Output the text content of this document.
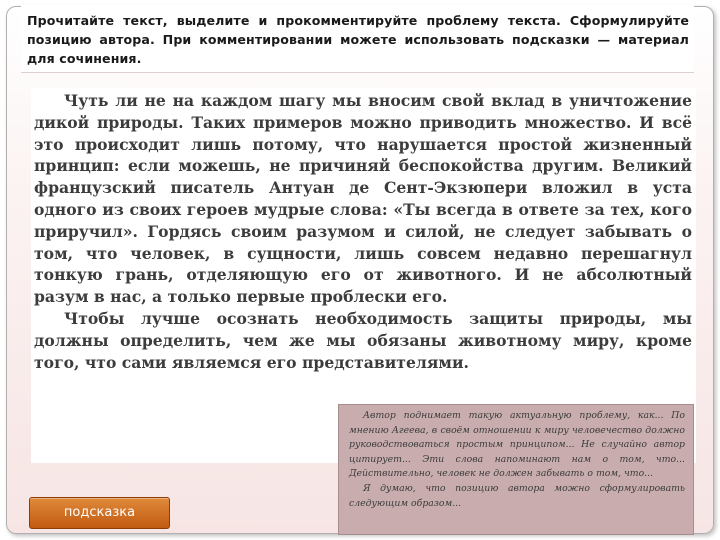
Прочитайте текст, выделите и прокомментируйте проблему текста. Сформулируйте позицию автора. При комментировании можете использовать подсказки — материал для сочинения.

Чуть ли не на каждом шагу мы вносим свой вклад в уничтожение дикой природы. Таких примеров можно приводить множество. И всё это происходит лишь потому, что нарушается простой жизненный принцип: если можешь, не причиняй беспокойства другим. Великий французский писатель Антуан де Сент-Экзюпери вложил в уста одного из своих героев мудрые слова: «Ты всегда в ответе за тех, кого приручил». Гордясь своим разумом и силой, не следует забывать о том, что человек, в сущности, лишь совсем недавно перешагнул тонкую грань, отделяющую его от животного. И не абсолютный разум в нас, а только первые проблески его.

Чтобы лучше осознать необходимость защиты природы, мы должны определить, чем же мы обязаны животному миру, кроме того, что сами являемся его представителями.

Автор поднимает такую актуальную проблему, как... По мнению Агеева, в своём отношении к миру человечество должно руководствоваться простым принципом... Не случайно автор цитирует... Эти слова напоминают нам о том, что... Действительно, человек не должен забывать о том, что...

Я думаю, что позицию автора можно сформулировать следующим образом...

подсказка
